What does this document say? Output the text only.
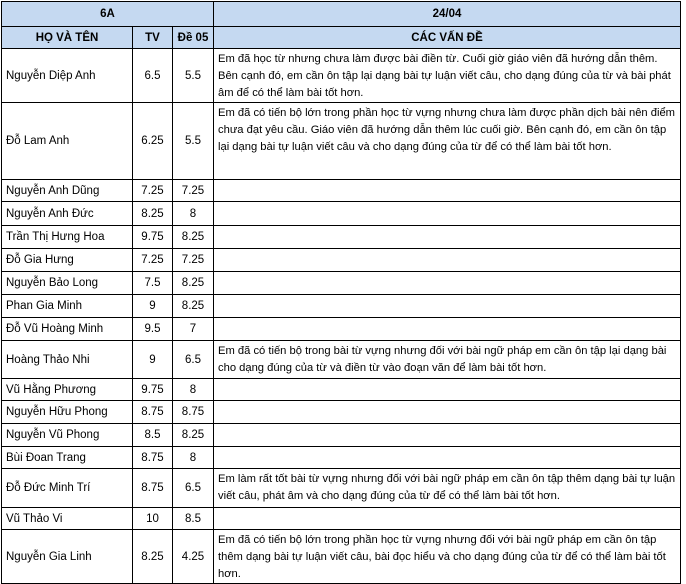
6A			24/04
HỌ VÀ TÊN	TV	Đề 05	CÁC VẤN ĐỀ
Nguyễn Diệp Anh	6.5	5.5	Em đã học từ nhưng chưa làm được bài điền từ. Cuối giờ giáo viên đã hướng dẫn thêm. Bên cạnh đó, em cần ôn tập lại dạng bài tự luận viết câu, cho dạng đúng của từ và bài phát âm để có thể làm bài tốt hơn.
Đỗ Lam Anh	6.25	5.5	Em đã có tiến bộ lớn trong phần học từ vựng nhưng chưa làm được phần dịch bài nên điểm chưa đạt yêu cầu. Giáo viên đã hướng dẫn thêm lúc cuối giờ. Bên cạnh đó, em cần ôn tập lại dạng bài tự luận viết câu và cho dạng đúng của từ để có thể làm bài tốt hơn.
Nguyễn Anh Dũng	7.25	7.25	
Nguyễn Anh Đức	8.25	8	
Trần Thị Hưng Hoa	9.75	8.25	
Đỗ Gia Hưng	7.25	7.25	
Nguyễn Bảo Long	7.5	8.25	
Phan Gia Minh	9	8.25	
Đỗ Vũ Hoàng Minh	9.5	7	
Hoàng Thảo Nhi	9	6.5	Em đã có tiến bộ trong bài từ vựng nhưng đối với bài ngữ pháp em cần ôn tập lại dạng bài cho dạng đúng của từ và điền từ vào đoạn văn để làm bài tốt hơn.
Vũ Hằng Phương	9.75	8	
Nguyễn Hữu Phong	8.75	8.75	
Nguyễn Vũ Phong	8.5	8.25	
Bùi Đoan Trang	8.75	8	
Đỗ Đức Minh Trí	8.75	6.5	Em làm rất tốt bài từ vựng nhưng đối với bài ngữ pháp em cần ôn tập thêm dạng bài tự luận viết câu, phát âm và cho dạng đúng của từ để có thể làm bài tốt hơn.
Vũ Thảo Vi	10	8.5	
Nguyễn Gia Linh	8.25	4.25	Em đã có tiến bộ lớn trong phần học từ vựng nhưng đối với bài ngữ pháp em cần ôn tập thêm dạng bài tự luận viết câu, bài đọc hiểu và cho dạng đúng của từ để có thể làm bài tốt hơn.
